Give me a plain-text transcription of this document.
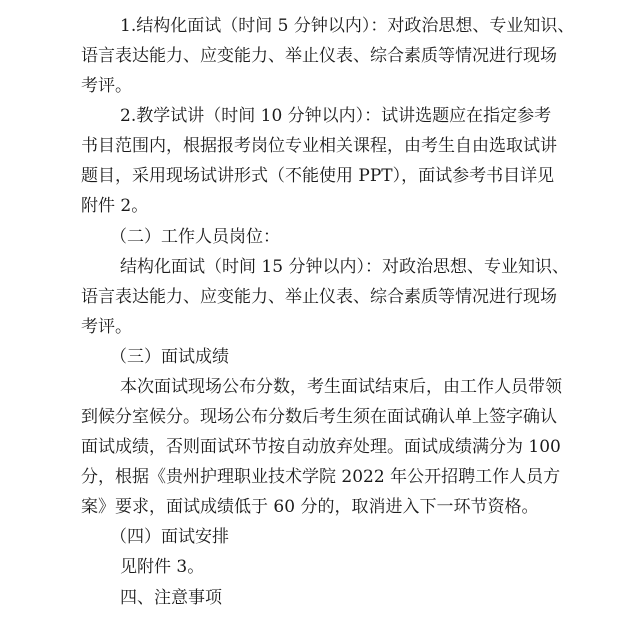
1.结构化面试（时间 5 分钟以内）：对政治思想、专业知识、

语言表达能力、应变能力、举止仪表、综合素质等情况进行现场

考评。

2.教学试讲（时间 10 分钟以内）：试讲选题应在指定参考

书目范围内，根据报考岗位专业相关课程，由考生自由选取试讲

题目，采用现场试讲形式（不能使用 PPT），面试参考书目详见

附件 2。

（二）工作人员岗位：

结构化面试（时间 15 分钟以内）：对政治思想、专业知识、

语言表达能力、应变能力、举止仪表、综合素质等情况进行现场

考评。

（三）面试成绩

本次面试现场公布分数，考生面试结束后，由工作人员带领

到候分室候分。现场公布分数后考生须在面试确认单上签字确认

面试成绩，否则面试环节按自动放弃处理。面试成绩满分为 100

分，根据《贵州护理职业技术学院 2022 年公开招聘工作人员方

案》要求，面试成绩低于 60 分的，取消进入下一环节资格。

（四）面试安排

见附件 3。

四、注意事项
